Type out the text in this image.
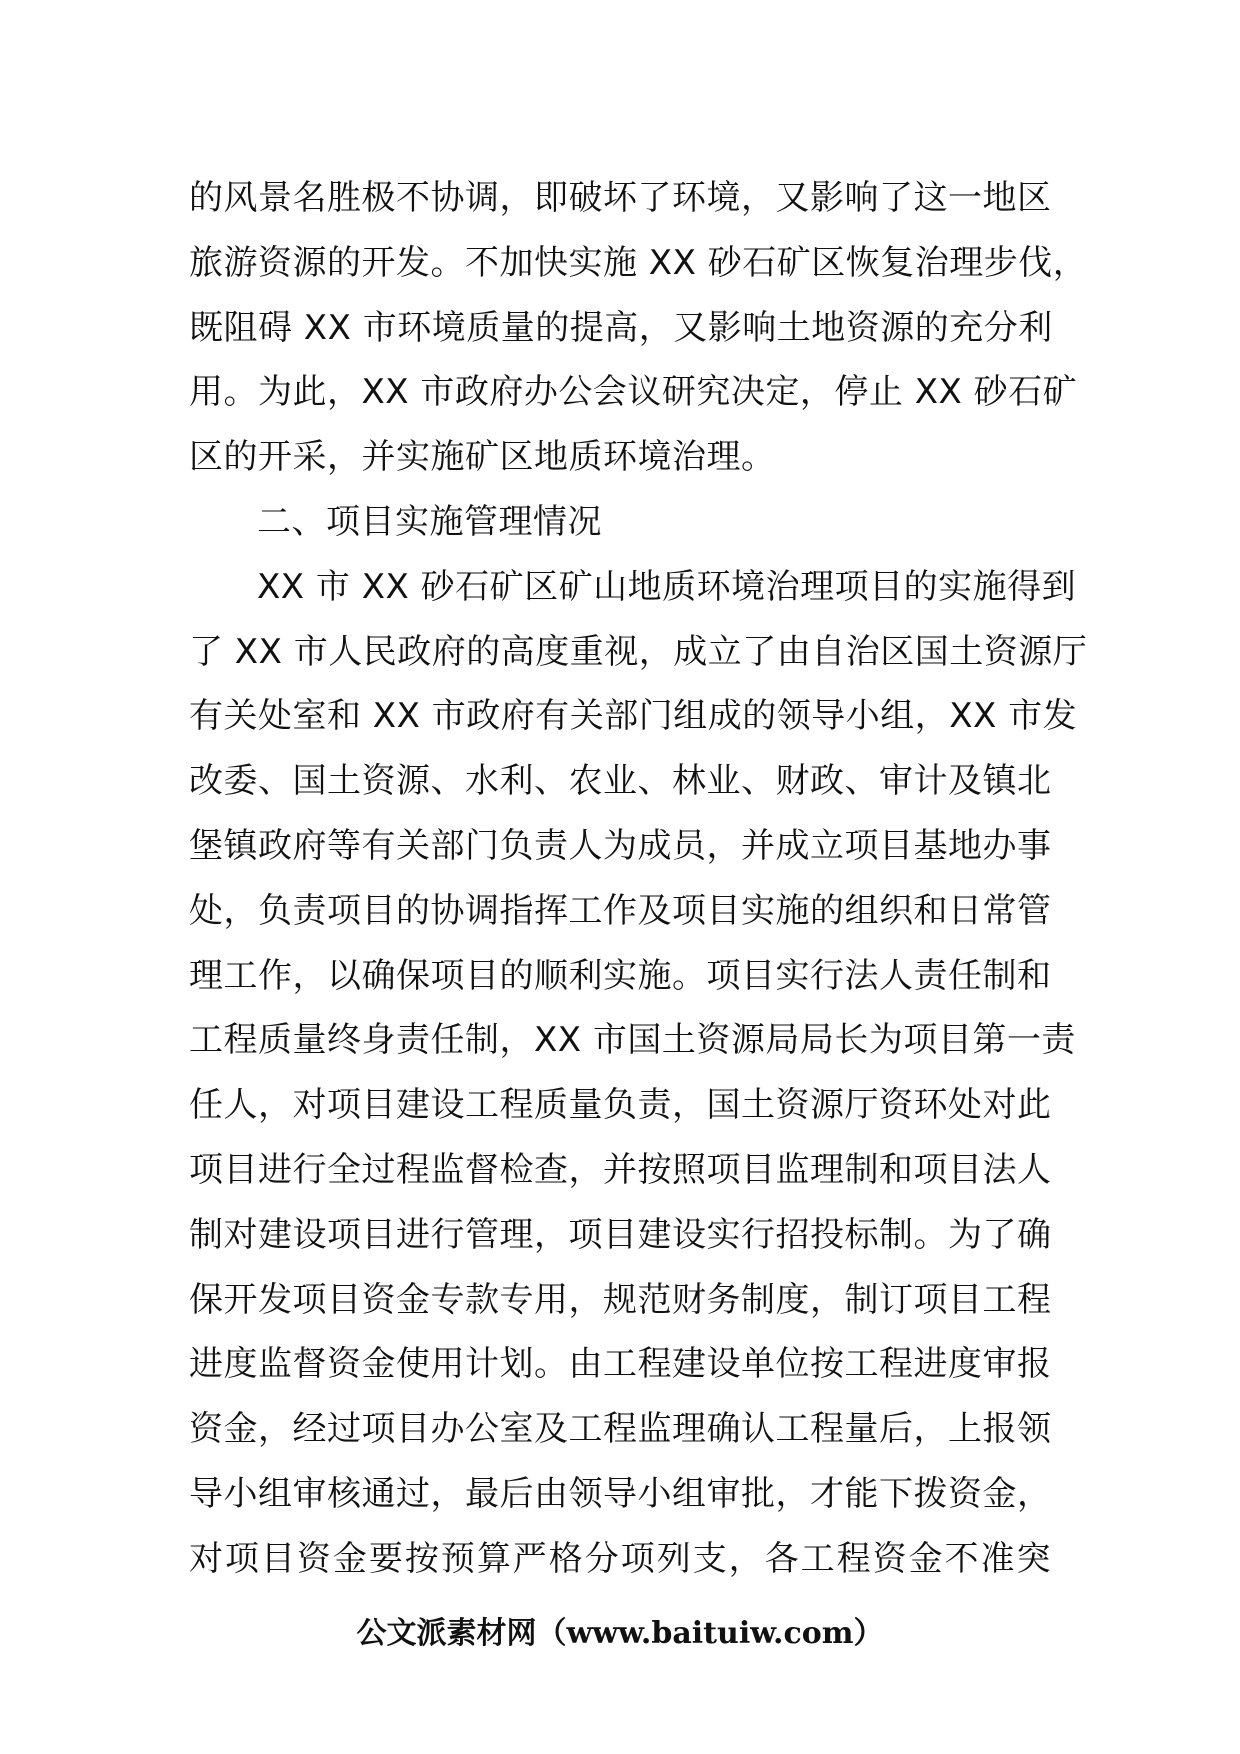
的风景名胜极不协调，即破坏了环境，又影响了这一地区
旅游资源的开发。不加快实施 XX 砂石矿区恢复治理步伐，
既阻碍 XX 市环境质量的提高，又影响土地资源的充分利
用。为此，XX 市政府办公会议研究决定，停止 XX 砂石矿
区的开采，并实施矿区地质环境治理。
二、项目实施管理情况
XX 市 XX 砂石矿区矿山地质环境治理项目的实施得到
了 XX 市人民政府的高度重视，成立了由自治区国土资源厅
有关处室和 XX 市政府有关部门组成的领导小组，XX 市发
改委、国土资源、水利、农业、林业、财政、审计及镇北
堡镇政府等有关部门负责人为成员，并成立项目基地办事
处，负责项目的协调指挥工作及项目实施的组织和日常管
理工作，以确保项目的顺利实施。项目实行法人责任制和
工程质量终身责任制，XX 市国土资源局局长为项目第一责
任人，对项目建设工程质量负责，国土资源厅资环处对此
项目进行全过程监督检查，并按照项目监理制和项目法人
制对建设项目进行管理，项目建设实行招投标制。为了确
保开发项目资金专款专用，规范财务制度，制订项目工程
进度监督资金使用计划。由工程建设单位按工程进度审报
资金，经过项目办公室及工程监理确认工程量后，上报领
导小组审核通过，最后由领导小组审批，才能下拨资金，
对项目资金要按预算严格分项列支，各工程资金不准突
公文派素材网（www.baituiw.com）
